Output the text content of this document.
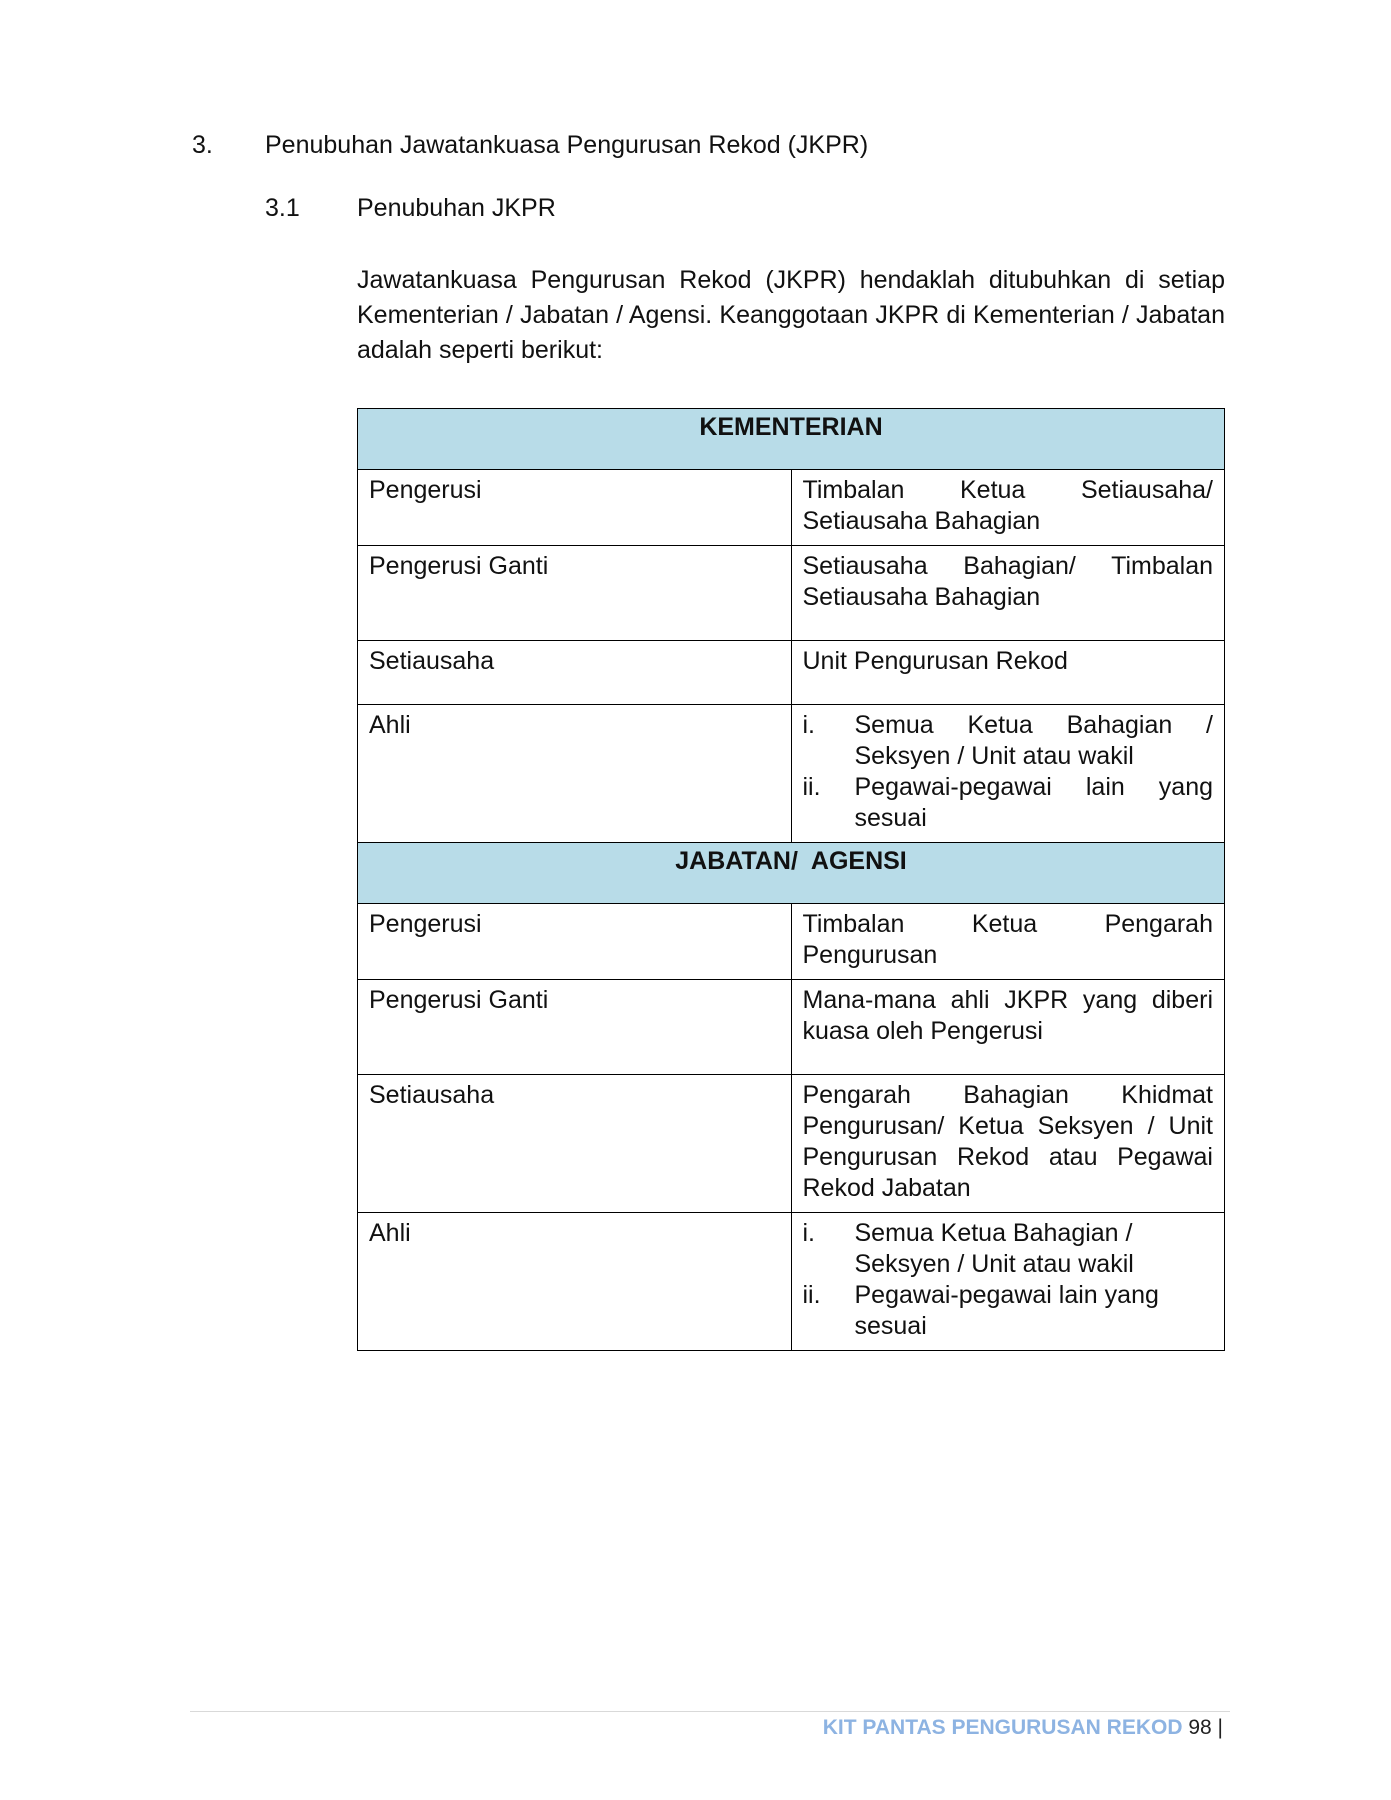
3. Penubuhan Jawatankuasa Pengurusan Rekod (JKPR)
3.1 Penubuhan JKPR

Jawatankuasa Pengurusan Rekod (JKPR) hendaklah ditubuhkan di setiap Kementerian / Jabatan / Agensi. Keanggotaan JKPR di Kementerian / Jabatan adalah seperti berikut:

KEMENTERIAN	
Pengerusi	Timbalan Ketua Setiausaha/ Setiausaha Bahagian
Pengerusi Ganti	Setiausaha Bahagian/ Timbalan Setiausaha Bahagian
Setiausaha	Unit Pengurusan Rekod
Ahli	i. Semua Ketua Bahagian / Seksyen / Unit atau wakil
ii. Pegawai-pegawai lain yang sesuai

JABATAN/  AGENSI	
Pengerusi	Timbalan Ketua Pengarah Pengurusan
Pengerusi Ganti	Mana-mana ahli JKPR yang diberi kuasa oleh Pengerusi
Setiausaha	Pengarah Bahagian Khidmat Pengurusan/ Ketua Seksyen / Unit Pengurusan Rekod atau Pegawai Rekod Jabatan
Ahli	i. Semua Ketua Bahagian / Seksyen / Unit atau wakil
ii. Pegawai-pegawai lain yang sesuai
KIT PANTAS PENGURUSAN REKOD 98 |
